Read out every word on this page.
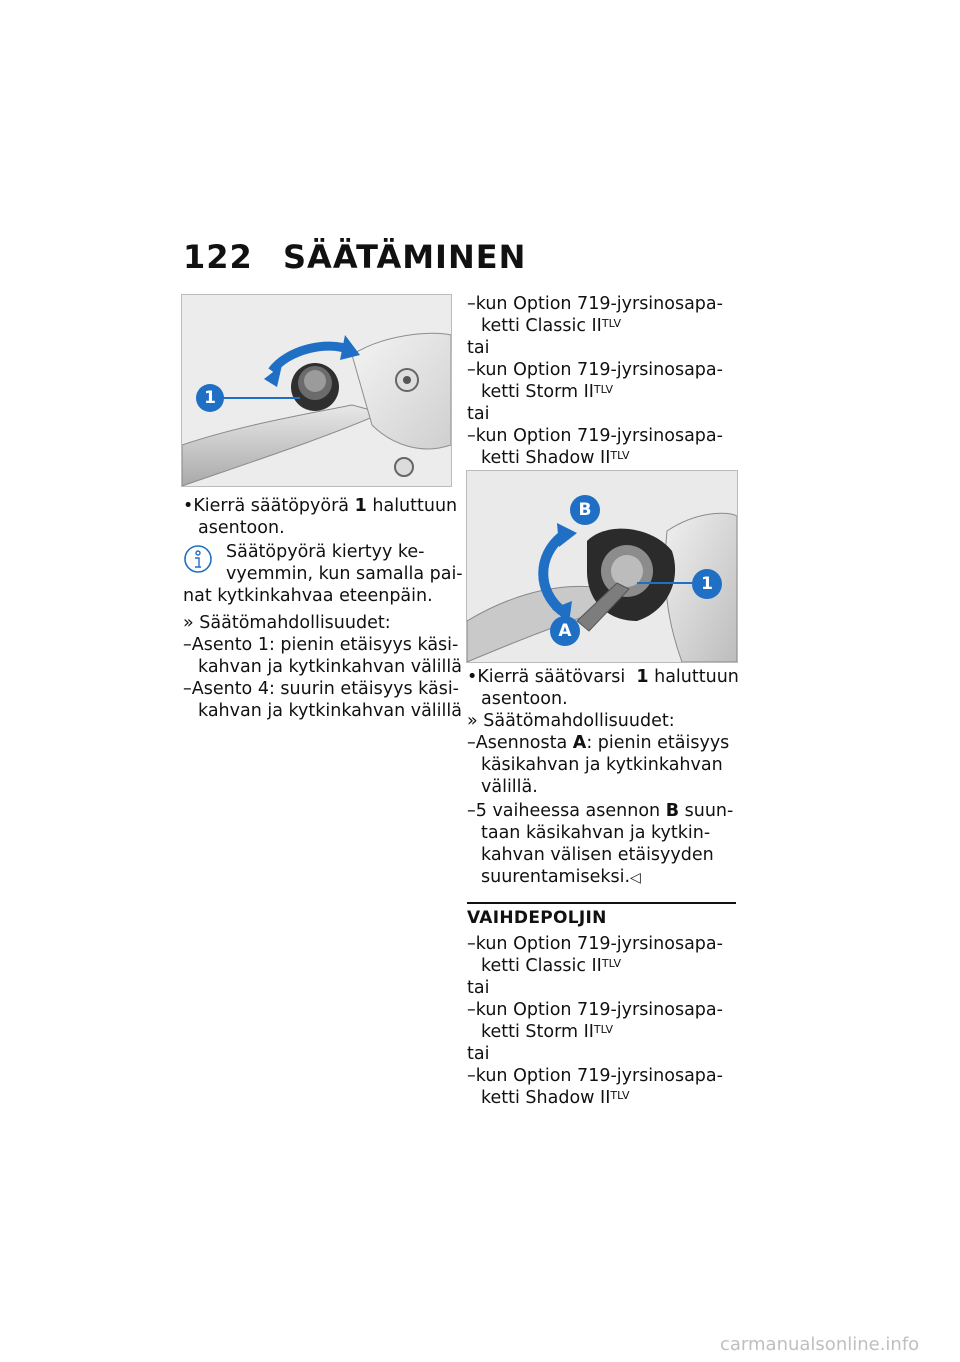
122 SÄÄTÄMINEN
1
•Kierrä säätöpyörä 1 haluttuun
asentoon.
Säätöpyörä kiertyy ke-
vyemmin, kun samalla pai-
nat kytkinkahvaa eteenpäin.
» Säätömahdollisuudet:
–Asento 1: pienin etäisyys käsi-
kahvan ja kytkinkahvan välillä
–Asento 4: suurin etäisyys käsi-
kahvan ja kytkinkahvan välillä
–kun Option 719-jyrsinosapa-
ketti Classic $II^{TLV}$
tai
–kun Option 719-jyrsinosapa-
ketti Storm $II^{TLV}$
tai
–kun Option 719-jyrsinosapa-
ketti Shadow $II^{TLV}$
B
A
1
•Kierrä säätövarsi 1 haluttuun
asentoon.
» Säätömahdollisuudet:
–Asennosta A: pienin etäisyys
käsikahvan ja kytkinkahvan
välillä.
–5 vaiheessa asennon B suun-
taan käsikahvan ja kytkin-
kahvan välisen etäisyyden
suurentamiseksi.◁
VAIHDEPOLJIN
–kun Option 719-jyrsinosapa-
ketti Classic $II^{TLV}$
tai
–kun Option 719-jyrsinosapa-
ketti Storm $II^{TLV}$
tai
–kun Option 719-jyrsinosapa-
ketti Shadow $II^{TLV}$
carmanualsonline.info
